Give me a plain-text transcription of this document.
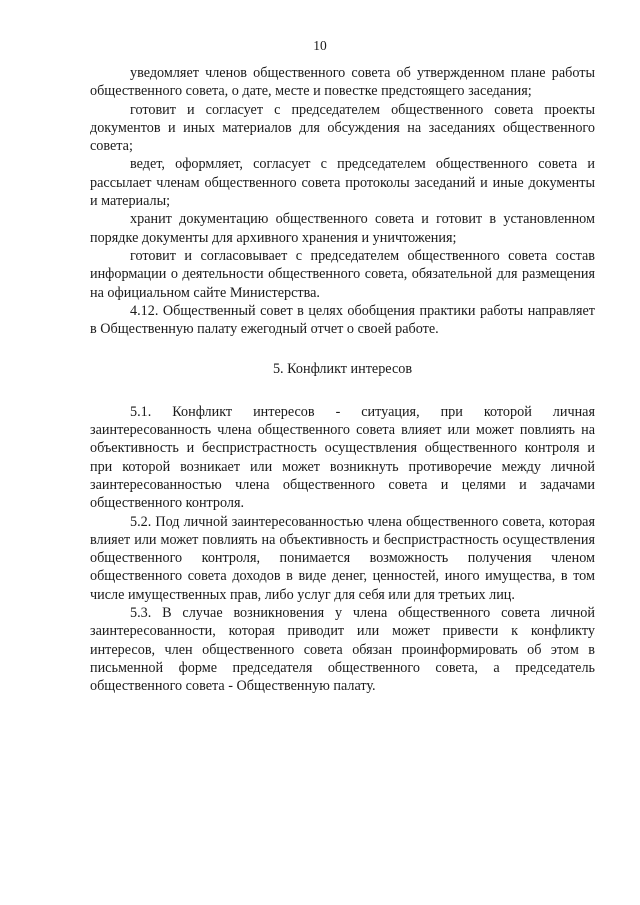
10

уведомляет членов общественного совета об утвержденном плане работы общественного совета, о дате, месте и повестке предстоящего заседания;

готовит и согласует с председателем общественного совета проекты документов и иных материалов для обсуждения на заседаниях общественного совета;

ведет, оформляет, согласует с председателем общественного совета и рассылает членам общественного совета протоколы заседаний и иные документы и материалы;

хранит документацию общественного совета и готовит в установленном порядке документы для архивного хранения и уничтожения;

готовит и согласовывает с председателем общественного совета состав информации о деятельности общественного совета, обязательной для размещения на официальном сайте Министерства.

4.12. Общественный совет в целях обобщения практики работы направляет в Общественную палату ежегодный отчет о своей работе.

5. Конфликт интересов

5.1. Конфликт интересов - ситуация, при которой личная заинтересованность члена общественного совета влияет или может повлиять на объективность и беспристрастность осуществления общественного контроля и при которой возникает или может возникнуть противоречие между личной заинтересованностью члена общественного совета и целями и задачами общественного контроля.

5.2. Под личной заинтересованностью члена общественного совета, которая влияет или может повлиять на объективность и беспристрастность осуществления общественного контроля, понимается возможность получения членом общественного совета доходов в виде денег, ценностей, иного имущества, в том числе имущественных прав, либо услуг для себя или для третьих лиц.

5.3. В случае возникновения у члена общественного совета личной заинтересованности, которая приводит или может привести к конфликту интересов, член общественного совета обязан проинформировать об этом в письменной форме председателя общественного совета, а председатель общественного совета - Общественную палату.
